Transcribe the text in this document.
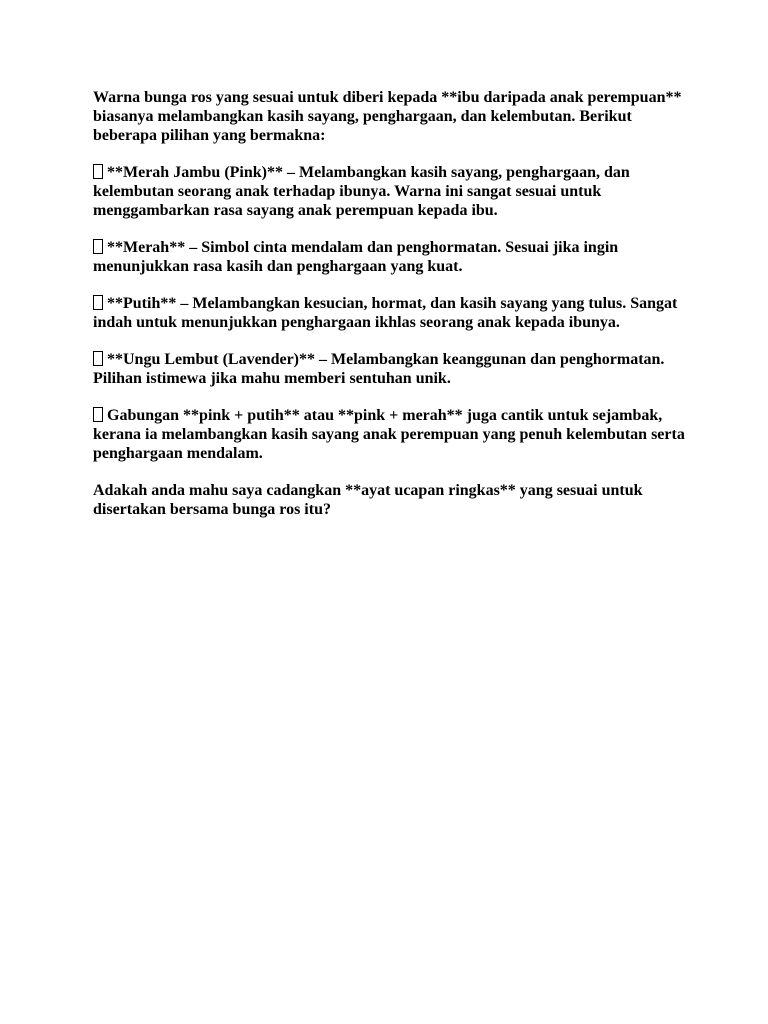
Warna bunga ros yang sesuai untuk diberi kepada **ibu daripada anak perempuan** biasanya melambangkan kasih sayang, penghargaan, dan kelembutan. Berikut beberapa pilihan yang bermakna:

**Merah Jambu (Pink)** – Melambangkan kasih sayang, penghargaan, dan kelembutan seorang anak terhadap ibunya. Warna ini sangat sesuai untuk menggambarkan rasa sayang anak perempuan kepada ibu.

**Merah** – Simbol cinta mendalam dan penghormatan. Sesuai jika ingin menunjukkan rasa kasih dan penghargaan yang kuat.

**Putih** – Melambangkan kesucian, hormat, dan kasih sayang yang tulus. Sangat indah untuk menunjukkan penghargaan ikhlas seorang anak kepada ibunya.

**Ungu Lembut (Lavender)** – Melambangkan keanggunan dan penghormatan. Pilihan istimewa jika mahu memberi sentuhan unik.

Gabungan **pink + putih** atau **pink + merah** juga cantik untuk sejambak, kerana ia melambangkan kasih sayang anak perempuan yang penuh kelembutan serta penghargaan mendalam.

Adakah anda mahu saya cadangkan **ayat ucapan ringkas** yang sesuai untuk disertakan bersama bunga ros itu?
